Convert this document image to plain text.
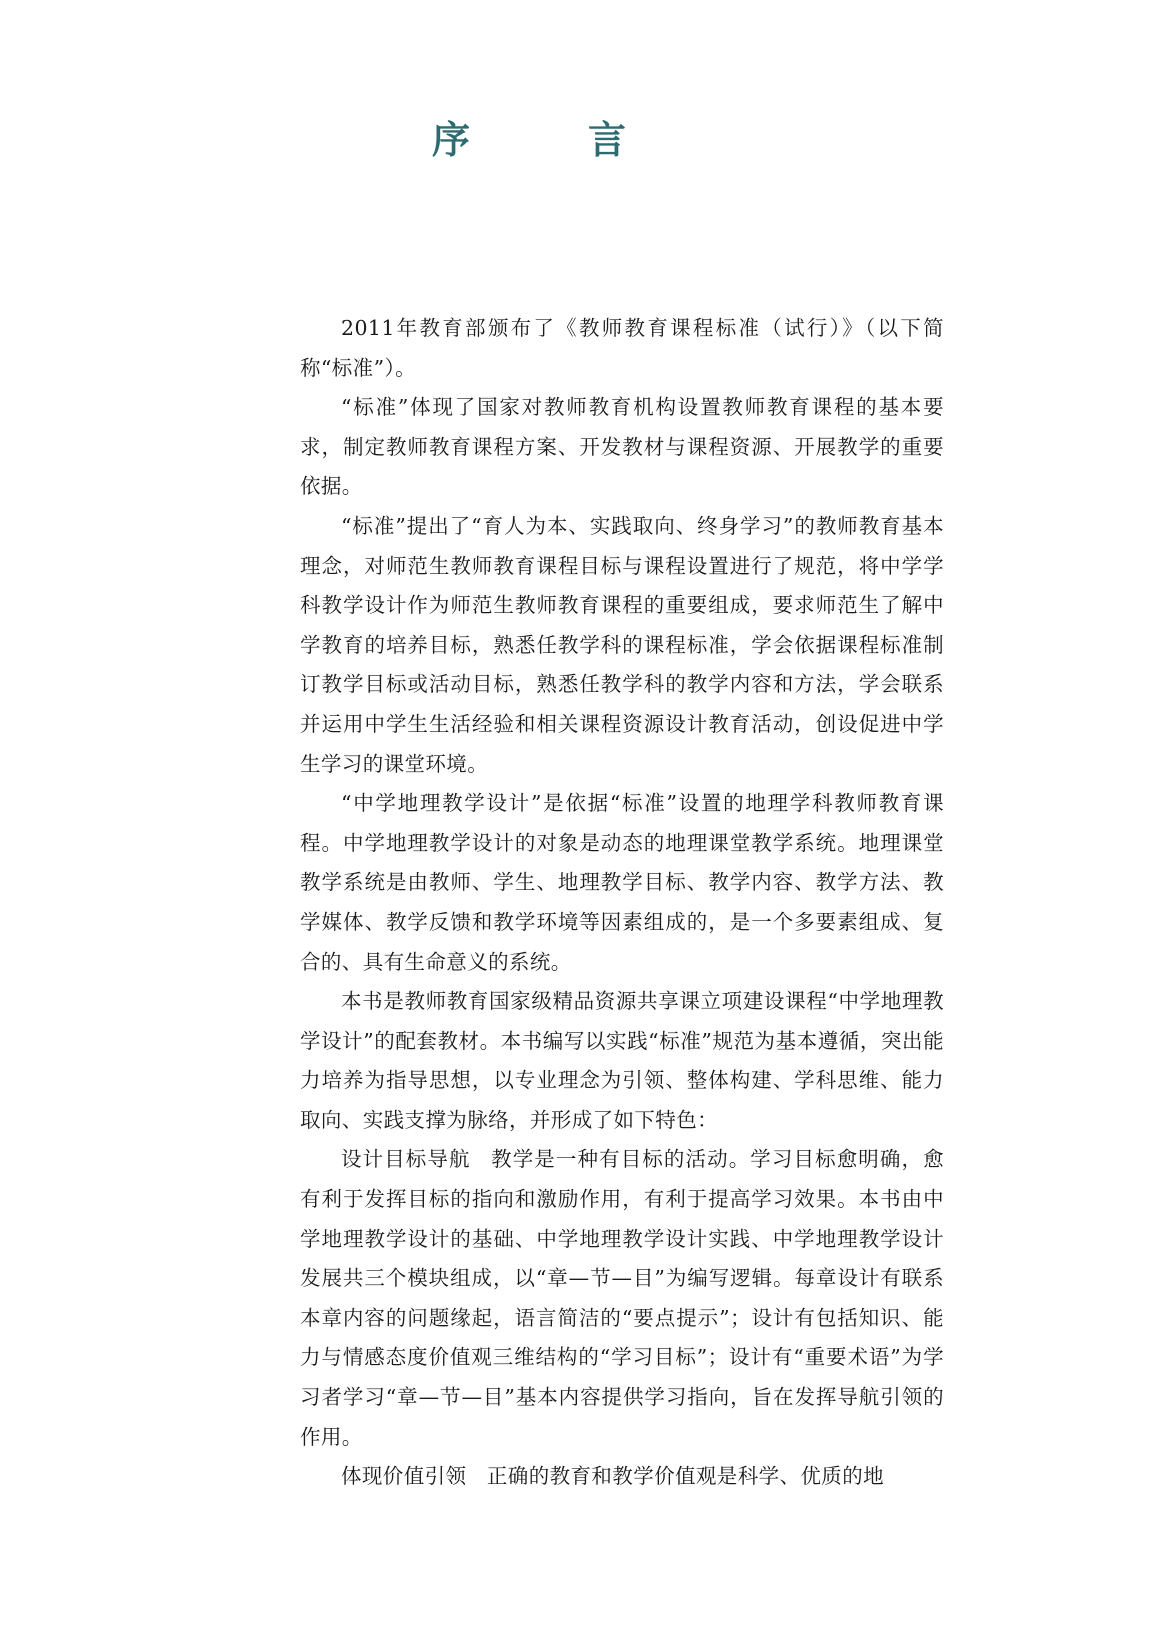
序　言

2011年教育部颁布了《教师教育课程标准（试行）》（以下简称“标准”）。

“标准”体现了国家对教师教育机构设置教师教育课程的基本要求，制定教师教育课程方案、开发教材与课程资源、开展教学的重要依据。

“标准”提出了“育人为本、实践取向、终身学习”的教师教育基本理念，对师范生教师教育课程目标与课程设置进行了规范，将中学学科教学设计作为师范生教师教育课程的重要组成，要求师范生了解中学教育的培养目标，熟悉任教学科的课程标准，学会依据课程标准制订教学目标或活动目标，熟悉任教学科的教学内容和方法，学会联系并运用中学生生活经验和相关课程资源设计教育活动，创设促进中学生学习的课堂环境。

“中学地理教学设计”是依据“标准”设置的地理学科教师教育课程。中学地理教学设计的对象是动态的地理课堂教学系统。地理课堂教学系统是由教师、学生、地理教学目标、教学内容、教学方法、教学媒体、教学反馈和教学环境等因素组成的，是一个多要素组成、复合的、具有生命意义的系统。

本书是教师教育国家级精品资源共享课立项建设课程“中学地理教学设计”的配套教材。本书编写以实践“标准”规范为基本遵循，突出能力培养为指导思想，以专业理念为引领、整体构建、学科思维、能力取向、实践支撑为脉络，并形成了如下特色：

设计目标导航 教学是一种有目标的活动。学习目标愈明确，愈有利于发挥目标的指向和激励作用，有利于提高学习效果。本书由中学地理教学设计的基础、中学地理教学设计实践、中学地理教学设计发展共三个模块组成，以“章—节—目”为编写逻辑。每章设计有联系本章内容的问题缘起，语言简洁的“要点提示”；设计有包括知识、能力与情感态度价值观三维结构的“学习目标”；设计有“重要术语”为学习者学习“章—节—目”基本内容提供学习指向，旨在发挥导航引领的作用。

体现价值引领 正确的教育和教学价值观是科学、优质的地
